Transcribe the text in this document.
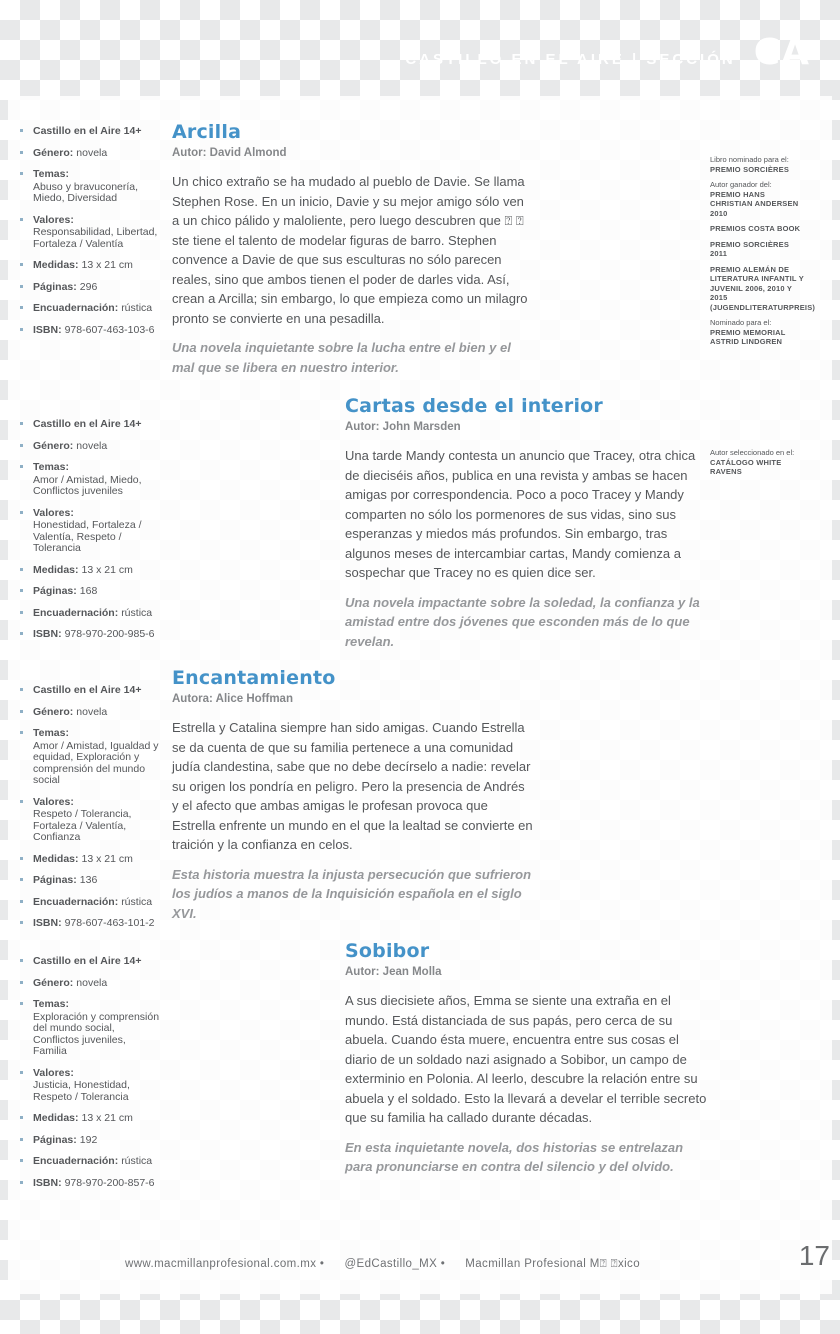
CASTILLO EN EL AIRE | SECCIÓN CA
Castillo en el Aire 14+
Género: novela
Temas:
Abuso y bravuconería, Miedo, Diversidad
Valores:
Responsabilidad, Libertad, Fortaleza / Valentía
Medidas: 13 x 21 cm
Páginas: 296
Encuadernación: rústica
ISBN: 978-607-463-103-6
Arcilla
Autor: David Almond
Un chico extraño se ha mudado al pueblo de Davie. Se llama Stephen Rose. En un inicio, Davie y su mejor amigo sólo ven a un chico pálido y maloliente, pero luego descubren que ⍰ ⍰ ste tiene el talento de modelar figuras de barro. Stephen convence a Davie de que sus esculturas no sólo parecen reales, sino que ambos tienen el poder de darles vida. Así, crean a Arcilla; sin embargo, lo que empieza como un milagro pronto se convierte en una pesadilla.
Una novela inquietante sobre la lucha entre el bien y el mal que se libera en nuestro interior.
Libro nominado para el:
PREMIO SORCIÈRES
Autor ganador del:
PREMIO HANS CHRISTIAN ANDERSEN 2010
PREMIOS COSTA BOOK
PREMIO SORCIÈRES 2011
PREMIO ALEMÁN DE LITERATURA INFANTIL Y JUVENIL 2006, 2010 Y 2015 (JUGENDLITERATURPREIS)
Nominado para el:
PREMIO MEMORIAL ASTRID LINDGREN
Castillo en el Aire 14+
Género: novela
Temas:
Amor / Amistad, Miedo, Conflictos juveniles
Valores:
Honestidad, Fortaleza / Valentía, Respeto / Tolerancia
Medidas: 13 x 21 cm
Páginas: 168
Encuadernación: rústica
ISBN: 978-970-200-985-6
Cartas desde el interior
Autor: John Marsden
Una tarde Mandy contesta un anuncio que Tracey, otra chica de dieciséis años, publica en una revista y ambas se hacen amigas por correspondencia. Poco a poco Tracey y Mandy comparten no sólo los pormenores de sus vidas, sino sus esperanzas y miedos más profundos. Sin embargo, tras algunos meses de intercambiar cartas, Mandy comienza a sospechar que Tracey no es quien dice ser.
Una novela impactante sobre la soledad, la confianza y la amistad entre dos jóvenes que esconden más de lo que revelan.
Autor seleccionado en el:
CATÁLOGO WHITE RAVENS
Castillo en el Aire 14+
Género: novela
Temas:
Amor / Amistad, Igualdad y equidad, Exploración y comprensión del mundo social
Valores:
Respeto / Tolerancia, Fortaleza / Valentía, Confianza
Medidas: 13 x 21 cm
Páginas: 136
Encuadernación: rústica
ISBN: 978-607-463-101-2
Encantamiento
Autora: Alice Hoffman
Estrella y Catalina siempre han sido amigas. Cuando Estrella se da cuenta de que su familia pertenece a una comunidad judía clandestina, sabe que no debe decírselo a nadie: revelar su origen los pondría en peligro. Pero la presencia de Andrés y el afecto que ambas amigas le profesan provoca que Estrella enfrente un mundo en el que la lealtad se convierte en traición y la confianza en celos.
Esta historia muestra la injusta persecución que sufrieron los judíos a manos de la Inquisición española en el siglo XVI.
Castillo en el Aire 14+
Género: novela
Temas:
Exploración y comprensión del mundo social, Conflictos juveniles, Familia
Valores:
Justicia, Honestidad, Respeto / Tolerancia
Medidas: 13 x 21 cm
Páginas: 192
Encuadernación: rústica
ISBN: 978-970-200-857-6
Sobibor
Autor: Jean Molla
A sus diecisiete años, Emma se siente una extraña en el mundo. Está distanciada de sus papás, pero cerca de su abuela. Cuando ésta muere, encuentra entre sus cosas el diario de un soldado nazi asignado a Sobibor, un campo de exterminio en Polonia. Al leerlo, descubre la relación entre su abuela y el soldado. Esto la llevará a develar el terrible secreto que su familia ha callado durante décadas.
En esta inquietante novela, dos historias se entrelazan para pronunciarse en contra del silencio y del olvido.
www.macmillanprofesional.com.mx • @EdCastillo_MX • Macmillan Profesional M⍰ ⍰xico	17
